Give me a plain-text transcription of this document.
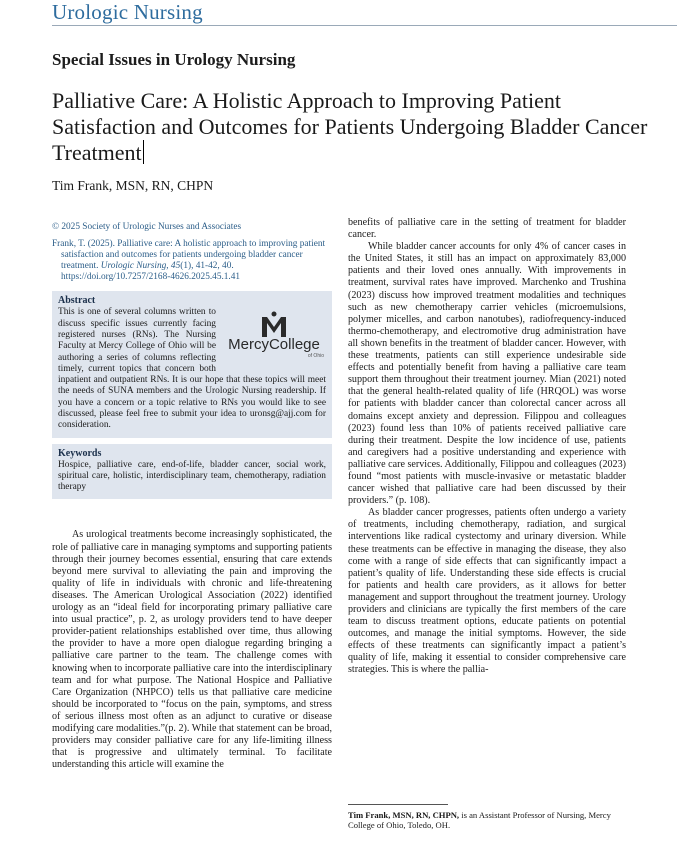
Urologic Nursing
Special Issues in Urology Nursing
Palliative Care: A Holistic Approach to Improving Patient Satisfaction and Outcomes for Patients Undergoing Bladder Cancer Treatment
Tim Frank, MSN, RN, CHPN
© 2025 Society of Urologic Nurses and Associates
Frank, T. (2025). Palliative care: A holistic approach to improving patient satisfaction and outcomes for patients undergoing bladder cancer treatment. Urologic Nursing, 45(1), 41-42, 40. https://doi.org/10.7257/2168-4626.2025.45.1.41
Abstract
MercyCollege
of Ohio
This is one of several columns written to discuss specific issues currently facing registered nurses (RNs). The Nursing Faculty at Mercy College of Ohio will be authoring a series of columns reflecting timely, current topics that concern both inpatient and outpatient RNs. It is our hope that these topics will meet the needs of SUNA members and the Urologic Nursing readership. If you have a concern or a topic relative to RNs you would like to see discussed, please feel free to submit your idea to uronsg@ajj.com for consideration.
Keywords
Hospice, palliative care, end-of-life, bladder cancer, social work, spiritual care, holistic, interdisciplinary team, chemotherapy, radiation therapy

As urological treatments become increasingly sophisticated, the role of palliative care in managing symptoms and supporting patients through their journey becomes essential, ensuring that care extends beyond mere survival to alleviating the pain and improving the quality of life in individuals with chronic and life-threatening diseases. The American Urological Association (2022) identified urology as an “ideal field for incorporating primary palliative care into usual practice”, p. 2, as urology providers tend to have deeper provider-patient relationships established over time, thus allowing the provider to have a more open dialogue regarding bringing a palliative care partner to the team. The challenge comes with knowing when to incorporate palliative care into the interdisciplinary team and for what purpose. The National Hospice and Palliative Care Organization (NHPCO) tells us that palliative care medicine should be incorporated to “focus on the pain, symptoms, and stress of serious illness most often as an adjunct to curative or disease modifying care modalities.”(p. 2). While that statement can be broad, providers may consider palliative care for any life-limiting illness that is progressive and ultimately terminal. To facilitate understanding this article will examine the

benefits of palliative care in the setting of treatment for bladder cancer.

While bladder cancer accounts for only 4% of cancer cases in the United States, it still has an impact on approximately 83,000 patients and their loved ones annually. With improvements in treatment, survival rates have improved. Marchenko and Trushina (2023) discuss how improved treatment modalities and techniques such as new chemotherapy carrier vehicles (microemulsions, polymer micelles, and carbon nanotubes), radiofrequency-induced thermo-chemotherapy, and electromotive drug administration have all shown benefits in the treatment of bladder cancer. However, with these treatments, patients can still experience undesirable side effects and potentially benefit from having a palliative care team support them throughout their treatment journey. Mian (2021) noted that the general health-related quality of life (HRQOL) was worse for patients with bladder cancer than colorectal cancer across all domains except anxiety and depression. Filippou and colleagues (2023) found less than 10% of patients received palliative care during their treatment. Despite the low incidence of use, patients and caregivers had a positive understanding and experience with palliative care services. Additionally, Filippou and colleagues (2023) found “most patients with muscle-invasive or metastatic bladder cancer wished that palliative care had been discussed by their providers.” (p. 108).

As bladder cancer progresses, patients often undergo a variety of treatments, including chemotherapy, radiation, and surgical interventions like radical cystectomy and urinary diversion. While these treatments can be effective in managing the disease, they also come with a range of side effects that can significantly impact a patient’s quality of life. Understanding these side effects is crucial for patients and health care providers, as it allows for better management and support throughout the treatment journey. Urology providers and clinicians are typically the first members of the care team to discuss treatment options, educate patients on potential outcomes, and manage the initial symptoms. However, the side effects of these treatments can significantly impact a patient’s quality of life, making it essential to consider comprehensive care strategies. This is where the pallia-

Tim Frank, MSN, RN, CHPN, is an Assistant Professor of Nursing, Mercy College of Ohio, Toledo, OH.
